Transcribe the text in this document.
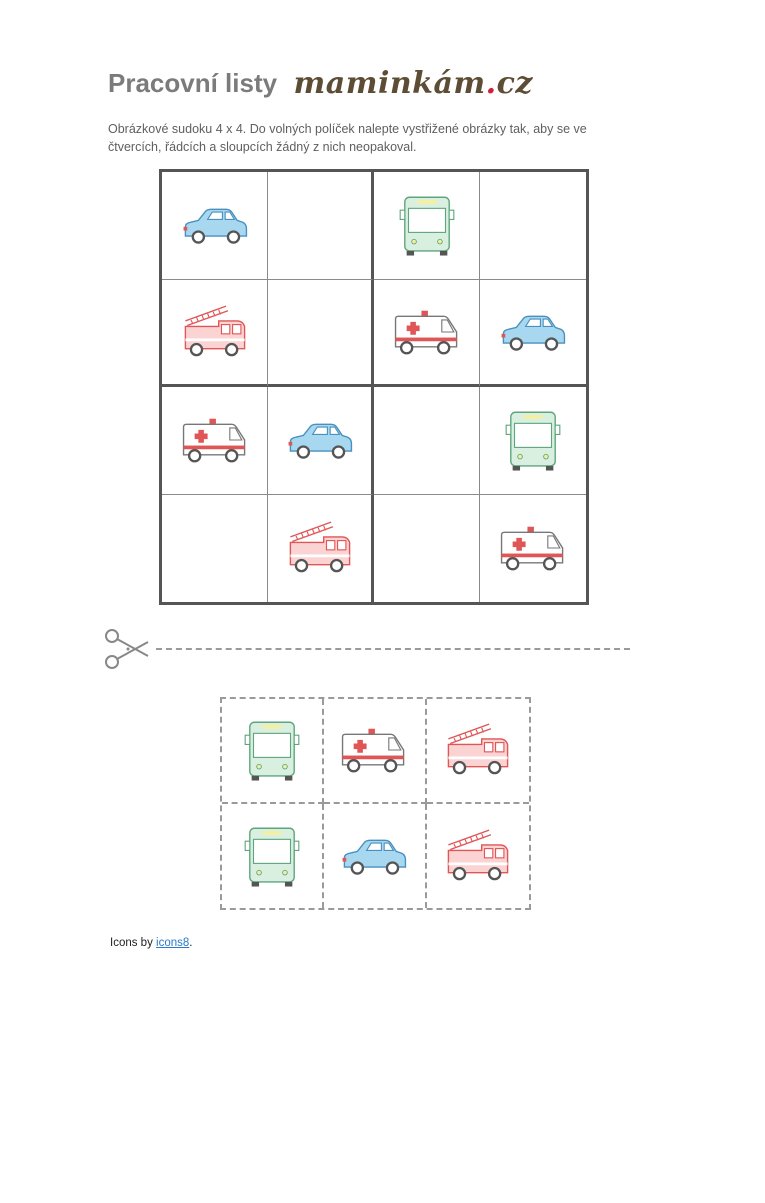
Pracovní listy maminkám.cz
Obrázkové sudoku 4 x 4. Do volných políček nalepte vystřižené obrázky tak, aby se ve čtvercích, řádcích a sloupcích žádný z nich neopakoval.
Icons by icons8.
